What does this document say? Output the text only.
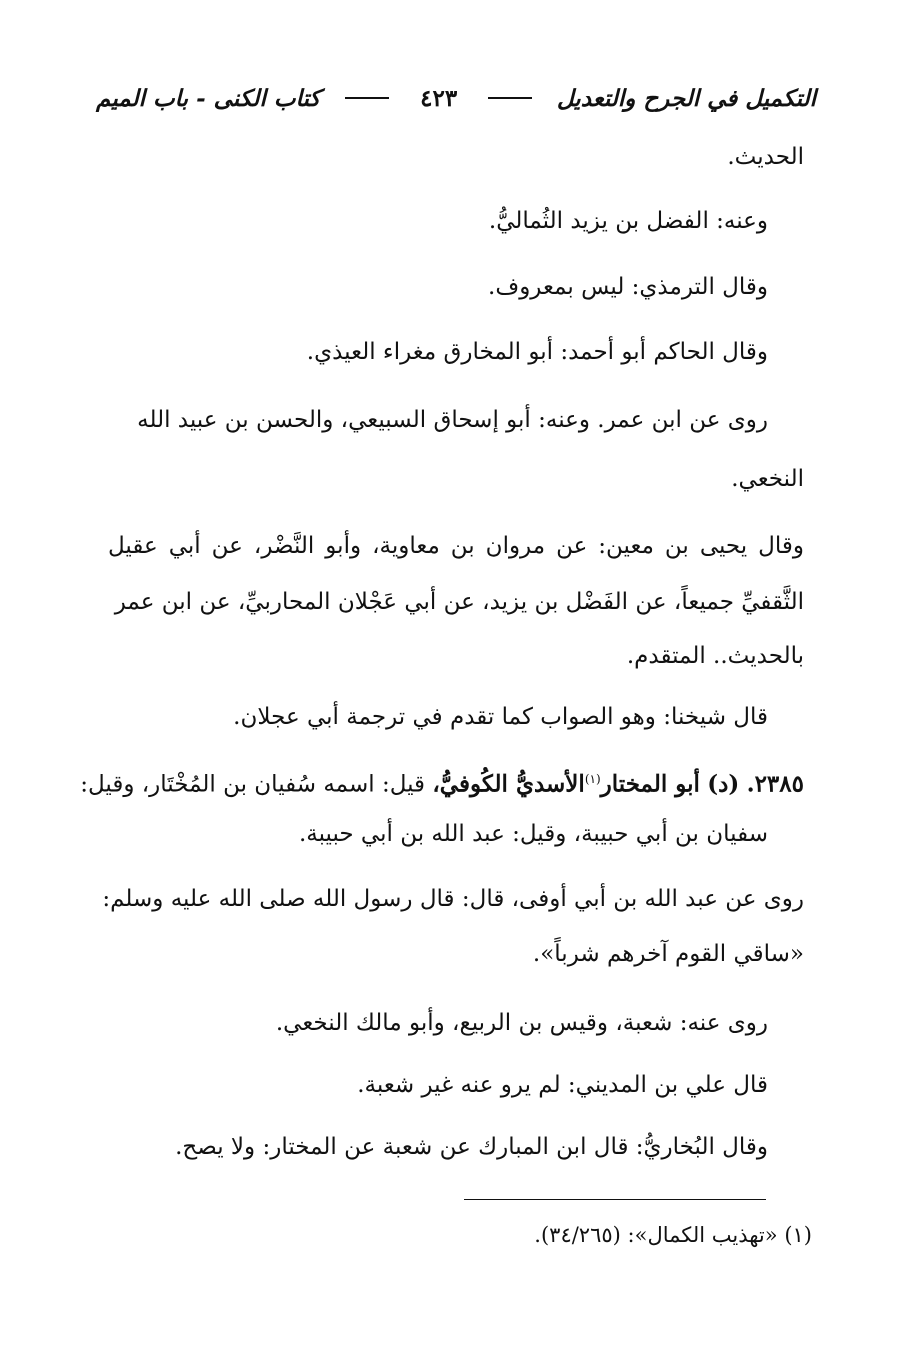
التكميل في الجرح والتعديل
٤٢٣
كتاب الكنى - باب الميم
الحديث.
وعنه: الفضل بن يزيد الثُماليُّ.
وقال الترمذي: ليس بمعروف.
وقال الحاكم أبو أحمد: أبو المخارق مغراء العيذي.
روى عن ابن عمر. وعنه: أبو إسحاق السبيعي، والحسن بن عبيد الله
النخعي.
وقال يحيى بن معين: عن مروان بن معاوية، وأبو النَّضْر، عن أبي عقيل
الثَّقفيِّ جميعاً، عن الفَضْل بن يزيد، عن أبي عَجْلان المحاربيِّ، عن ابن عمر
بالحديث.. المتقدم.
قال شيخنا: وهو الصواب كما تقدم في ترجمة أبي عجلان.
٢٣٨٥. (د) أبو المختار$^{(١)}$الأسديُّ الكُوفيُّ، قيل: اسمه سُفيان بن المُخْتَار، وقيل:
سفيان بن أبي حبيبة، وقيل: عبد الله بن أبي حبيبة.
روى عن عبد الله بن أبي أوفى، قال: قال رسول الله صلى الله عليه وسلم:
«ساقي القوم آخرهم شرباً».
روى عنه: شعبة، وقيس بن الربيع، وأبو مالك النخعي.
قال علي بن المديني: لم يرو عنه غير شعبة.
وقال البُخاريُّ: قال ابن المبارك عن شعبة عن المختار: ولا يصح.
(١) «تهذيب الكمال»: (٣٤/٢٦٥).
